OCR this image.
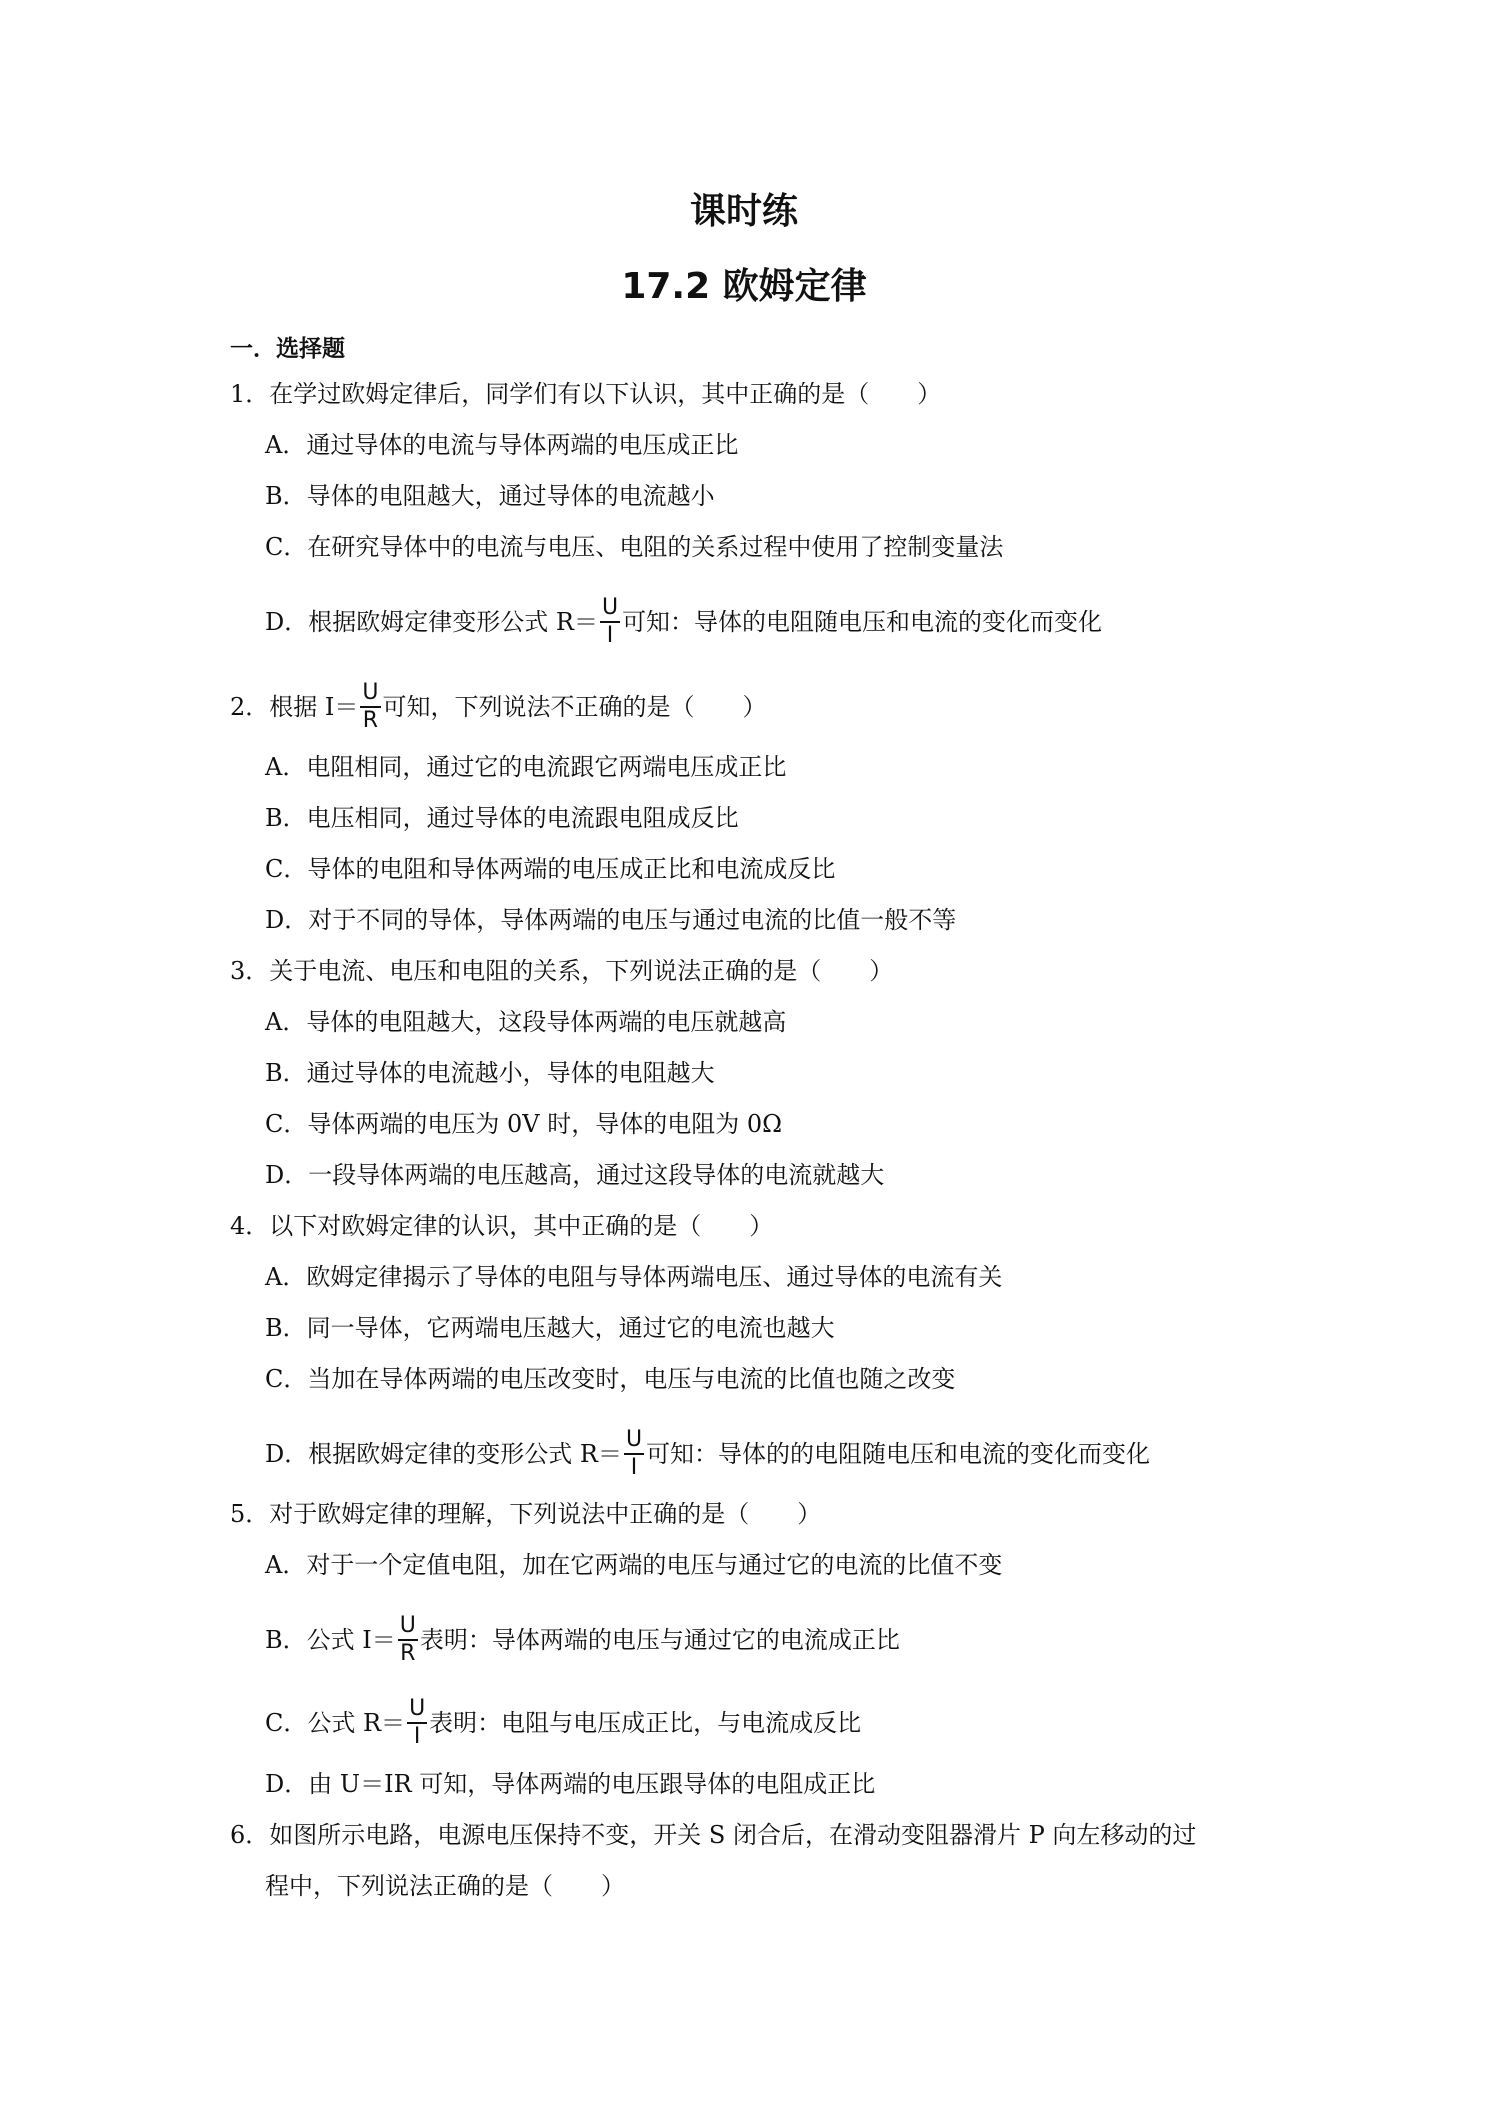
课时练
17.2 欧姆定律
一．选择题
1．在学过欧姆定律后，同学们有以下认识，其中正确的是（　　）
A．通过导体的电流与导体两端的电压成正比
B．导体的电阻越大，通过导体的电流越小
C．在研究导体中的电流与电压、电阻的关系过程中使用了控制变量法
D．根据欧姆定律变形公式 $R= \frac{U}{I}$ 可知：导体的电阻随电压和电流的变化而变化
2．根据 $I= \frac{U}{R}$ 可知，下列说法不正确的是（　　）
A．电阻相同，通过它的电流跟它两端电压成正比
B．电压相同，通过导体的电流跟电阻成反比
C．导体的电阻和导体两端的电压成正比和电流成反比
D．对于不同的导体，导体两端的电压与通过电流的比值一般不等
3．关于电流、电压和电阻的关系，下列说法正确的是（　　）
A．导体的电阻越大，这段导体两端的电压就越高
B．通过导体的电流越小，导体的电阻越大
C．导体两端的电压为 0V 时，导体的电阻为 0Ω
D．一段导体两端的电压越高，通过这段导体的电流就越大
4．以下对欧姆定律的认识，其中正确的是（　　）
A．欧姆定律揭示了导体的电阻与导体两端电压、通过导体的电流有关
B．同一导体，它两端电压越大，通过它的电流也越大
C．当加在导体两端的电压改变时，电压与电流的比值也随之改变
D．根据欧姆定律的变形公式 $R= \frac{U}{I}$ 可知：导体的的电阻随电压和电流的变化而变化
5．对于欧姆定律的理解，下列说法中正确的是（　　）
A．对于一个定值电阻，加在它两端的电压与通过它的电流的比值不变
B．公式 $I= \frac{U}{R}$ 表明：导体两端的电压与通过它的电流成正比
C．公式 $R= \frac{U}{I}$ 表明：电阻与电压成正比，与电流成反比
D．由 U＝IR 可知，导体两端的电压跟导体的电阻成正比
6．如图所示电路，电源电压保持不变，开关 S 闭合后，在滑动变阻器滑片 P 向左移动的过
程中，下列说法正确的是（　　）
